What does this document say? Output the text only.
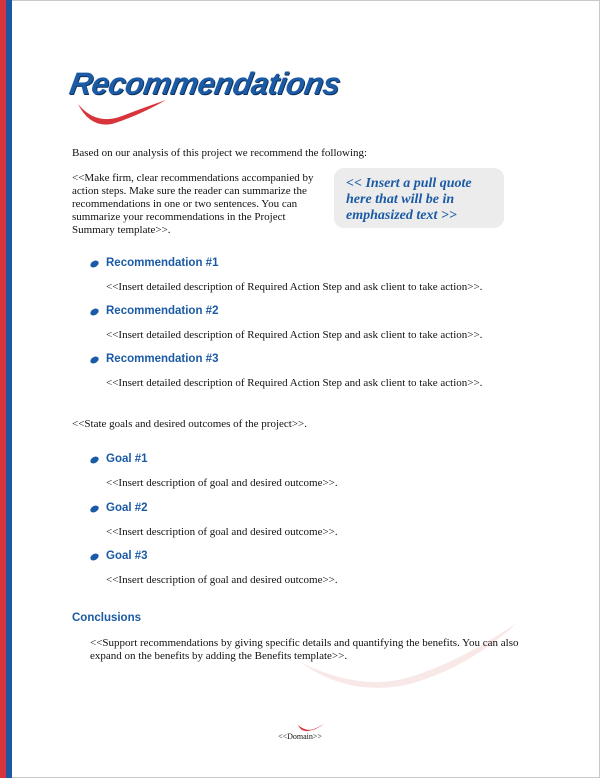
Recommendations
Based on our analysis of this project we recommend the following:
<<Make firm, clear recommendations accompanied by action steps. Make sure the reader can summarize the recommendations in one or two sentences. You can summarize your recommendations in the Project Summary template>>.
<< Insert a pull quote here that will be in emphasized text >>
Recommendation #1
<<Insert detailed description of Required Action Step and ask client to take action>>.
Recommendation #2
<<Insert detailed description of Required Action Step and ask client to take action>>.
Recommendation #3
<<Insert detailed description of Required Action Step and ask client to take action>>.
<<State goals and desired outcomes of the project>>.
Goal #1
<<Insert description of goal and desired outcome>>.
Goal #2
<<Insert description of goal and desired outcome>>.
Goal #3
<<Insert description of goal and desired outcome>>.
Conclusions
<<Support recommendations by giving specific details and quantifying the benefits. You can also expand on the benefits by adding the Benefits template>>.
<<Domain>>
